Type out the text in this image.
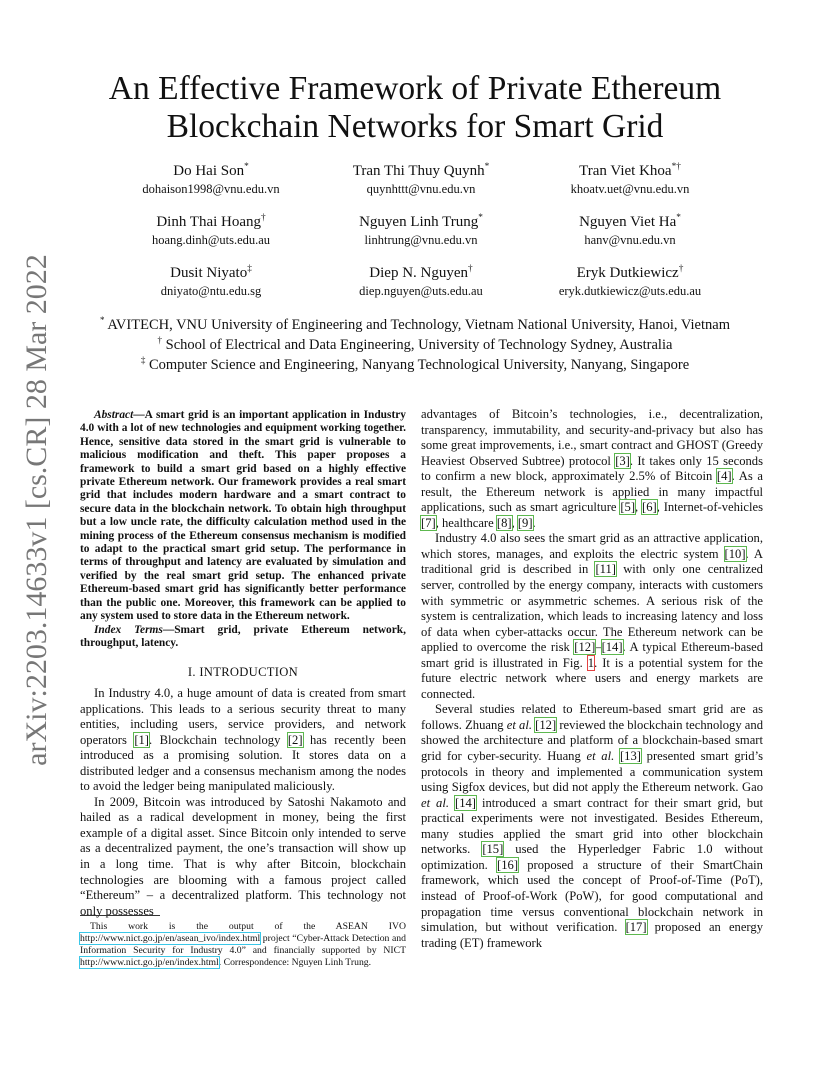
arXiv:2203.14633v1 [cs.CR] 28 Mar 2022
An Effective Framework of Private Ethereum
Blockchain Networks for Smart Grid
Do Hai Son*
dohaison1998@vnu.edu.vn
Tran Thi Thuy Quynh*
quynhttt@vnu.edu.vn
Tran Viet Khoa*†
khoatv.uet@vnu.edu.vn
Dinh Thai Hoang†
hoang.dinh@uts.edu.au
Nguyen Linh Trung*
linhtrung@vnu.edu.vn
Nguyen Viet Ha*
hanv@vnu.edu.vn
Dusit Niyato‡
dniyato@ntu.edu.sg
Diep N. Nguyen†
diep.nguyen@uts.edu.au
Eryk Dutkiewicz†
eryk.dutkiewicz@uts.edu.au
* AVITECH, VNU University of Engineering and Technology, Vietnam National University, Hanoi, Vietnam
† School of Electrical and Data Engineering, University of Technology Sydney, Australia
‡ Computer Science and Engineering, Nanyang Technological University, Nanyang, Singapore

Abstract—A smart grid is an important application in Industry 4.0 with a lot of new technologies and equipment working together. Hence, sensitive data stored in the smart grid is vulnerable to malicious modification and theft. This paper proposes a framework to build a smart grid based on a highly effective private Ethereum network. Our framework provides a real smart grid that includes modern hardware and a smart contract to secure data in the blockchain network. To obtain high throughput but a low uncle rate, the difficulty calculation method used in the mining process of the Ethereum consensus mechanism is modified to adapt to the practical smart grid setup. The performance in terms of throughput and latency are evaluated by simulation and verified by the real smart grid setup. The enhanced private Ethereum-based smart grid has significantly better performance than the public one. Moreover, this framework can be applied to any system used to store data in the Ethereum network.

Index Terms—Smart grid, private Ethereum network, throughput, latency.

I. INTRODUCTION

In Industry 4.0, a huge amount of data is created from smart applications. This leads to a serious security threat to many entities, including users, service providers, and network operators [1]. Blockchain technology [2] has recently been introduced as a promising solution. It stores data on a distributed ledger and a consensus mechanism among the nodes to avoid the ledger being manipulated maliciously.

In 2009, Bitcoin was introduced by Satoshi Nakamoto and hailed as a radical development in money, being the first example of a digital asset. Since Bitcoin only intended to serve as a decentralized payment, the one’s transaction will show up in a long time. That is why after Bitcoin, blockchain technologies are blooming with a famous project called “Ethereum” – a decentralized platform. This technology not only possesses

This work is the output of the ASEAN IVO http://www.nict.go.jp/en/asean_ivo/index.html project “Cyber-Attack Detection and Information Security for Industry 4.0” and financially supported by NICT http://www.nict.go.jp/en/index.html. Correspondence: Nguyen Linh Trung.

advantages of Bitcoin’s technologies, i.e., decentralization, transparency, immutability, and security-and-privacy but also has some great improvements, i.e., smart contract and GHOST (Greedy Heaviest Observed Subtree) protocol [3]. It takes only 15 seconds to confirm a new block, approximately 2.5% of Bitcoin [4]. As a result, the Ethereum network is applied in many impactful applications, such as smart agriculture [5], [6], Internet-of-vehicles [7], healthcare [8], [9].

Industry 4.0 also sees the smart grid as an attractive application, which stores, manages, and exploits the electric system [10]. A traditional grid is described in [11] with only one centralized server, controlled by the energy company, interacts with customers with symmetric or asymmetric schemes. A serious risk of the system is centralization, which leads to increasing latency and loss of data when cyber-attacks occur. The Ethereum network can be applied to overcome the risk [12]–[14]. A typical Ethereum-based smart grid is illustrated in Fig. 1. It is a potential system for the future electric network where users and energy markets are connected.

Several studies related to Ethereum-based smart grid are as follows. Zhuang et al. [12] reviewed the blockchain technology and showed the architecture and platform of a blockchain-based smart grid for cyber-security. Huang et al. [13] presented smart grid’s protocols in theory and implemented a communication system using Sigfox devices, but did not apply the Ethereum network. Gao et al. [14] introduced a smart contract for their smart grid, but practical experiments were not investigated. Besides Ethereum, many studies applied the smart grid into other blockchain networks. [15] used the Hyperledger Fabric 1.0 without optimization. [16] proposed a structure of their SmartChain framework, which used the concept of Proof-of-Time (PoT), instead of Proof-of-Work (PoW), for good computational and propagation time versus conventional blockchain network in simulation, but without verification. [17] proposed an energy trading (ET) framework
